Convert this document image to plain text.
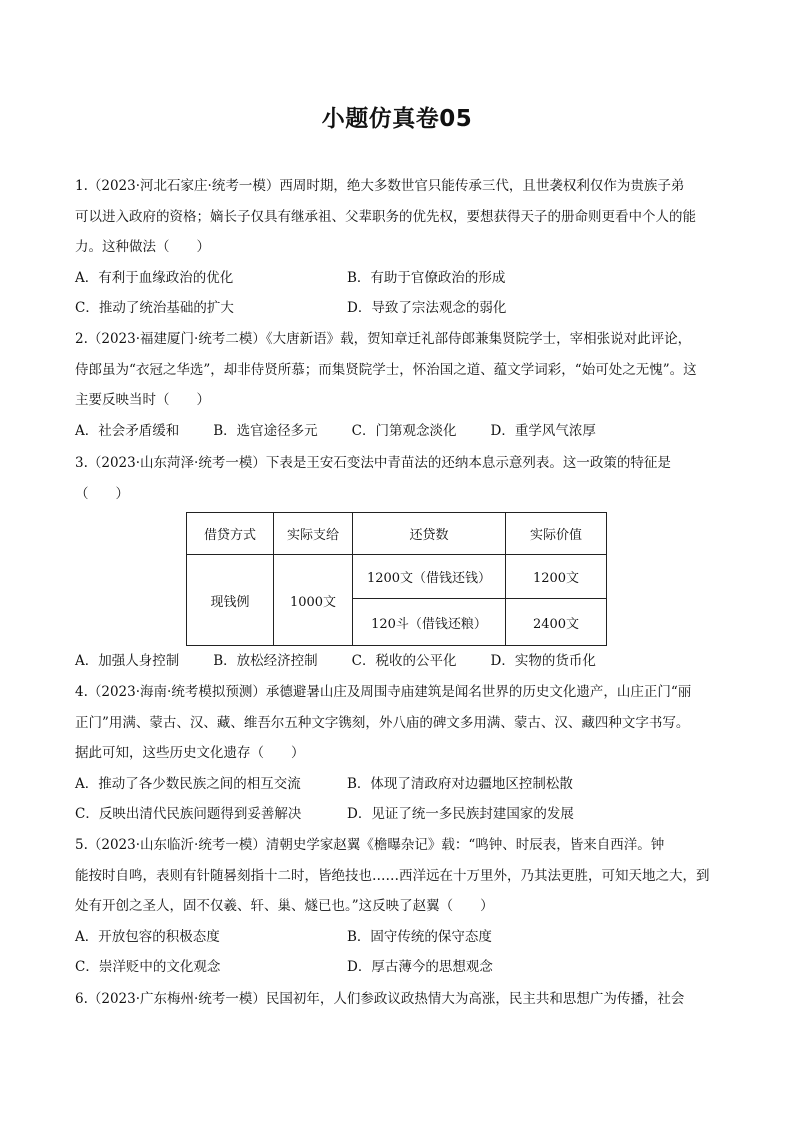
小题仿真卷05
1.（2023·河北石家庄·统考一模）西周时期，绝大多数世官只能传承三代，且世袭权利仅作为贵族子弟
可以进入政府的资格；嫡长子仅具有继承祖、父辈职务的优先权，要想获得天子的册命则更看中个人的能
力。这种做法（　　）
A．有利于血缘政治的优化	B．有助于官僚政治的形成
C．推动了统治基础的扩大	D．导致了宗法观念的弱化
2.（2023·福建厦门·统考二模）《大唐新语》载，贺知章迁礼部侍郎兼集贤院学士，宰相张说对此评论，
侍郎虽为“衣冠之华选”，却非侍贤所慕；而集贤院学士，怀治国之道、蕴文学词彩，“始可处之无愧”。这
主要反映当时（　　）
A．社会矛盾缓和	B．选官途径多元	C．门第观念淡化	D．重学风气浓厚
3.（2023·山东菏泽·统考一模）下表是王安石变法中青苗法的还纳本息示意列表。这一政策的特征是
（　　）
借贷方式	实际支给	还贷数	实际价值
现钱例	1000文	1200文（借钱还钱）	1200文
		120斗（借钱还粮）	2400文
A．加强人身控制	B．放松经济控制	C．税收的公平化	D．实物的货币化
4.（2023·海南·统考模拟预测）承德避暑山庄及周围寺庙建筑是闻名世界的历史文化遗产，山庄正门“丽
正门”用满、蒙古、汉、藏、维吾尔五种文字镌刻，外八庙的碑文多用满、蒙古、汉、藏四种文字书写。
据此可知，这些历史文化遗存（　　）
A．推动了各少数民族之间的相互交流	B．体现了清政府对边疆地区控制松散
C．反映出清代民族问题得到妥善解决	D．见证了统一多民族封建国家的发展
5.（2023·山东临沂·统考一模）清朝史学家赵翼《檐曝杂记》载：“鸣钟、时辰表，皆来自西洋。钟
能按时自鸣，表则有针随晷刻指十二时，皆绝技也……西洋远在十万里外，乃其法更胜，可知天地之大，到
处有开创之圣人，固不仅羲、轩、巢、燧已也。”这反映了赵翼（　　）
A．开放包容的积极态度	B．固守传统的保守态度
C．崇洋贬中的文化观念	D．厚古薄今的思想观念
6.（2023·广东梅州·统考一模）民国初年，人们参政议政热情大为高涨，民主共和思想广为传播，社会
